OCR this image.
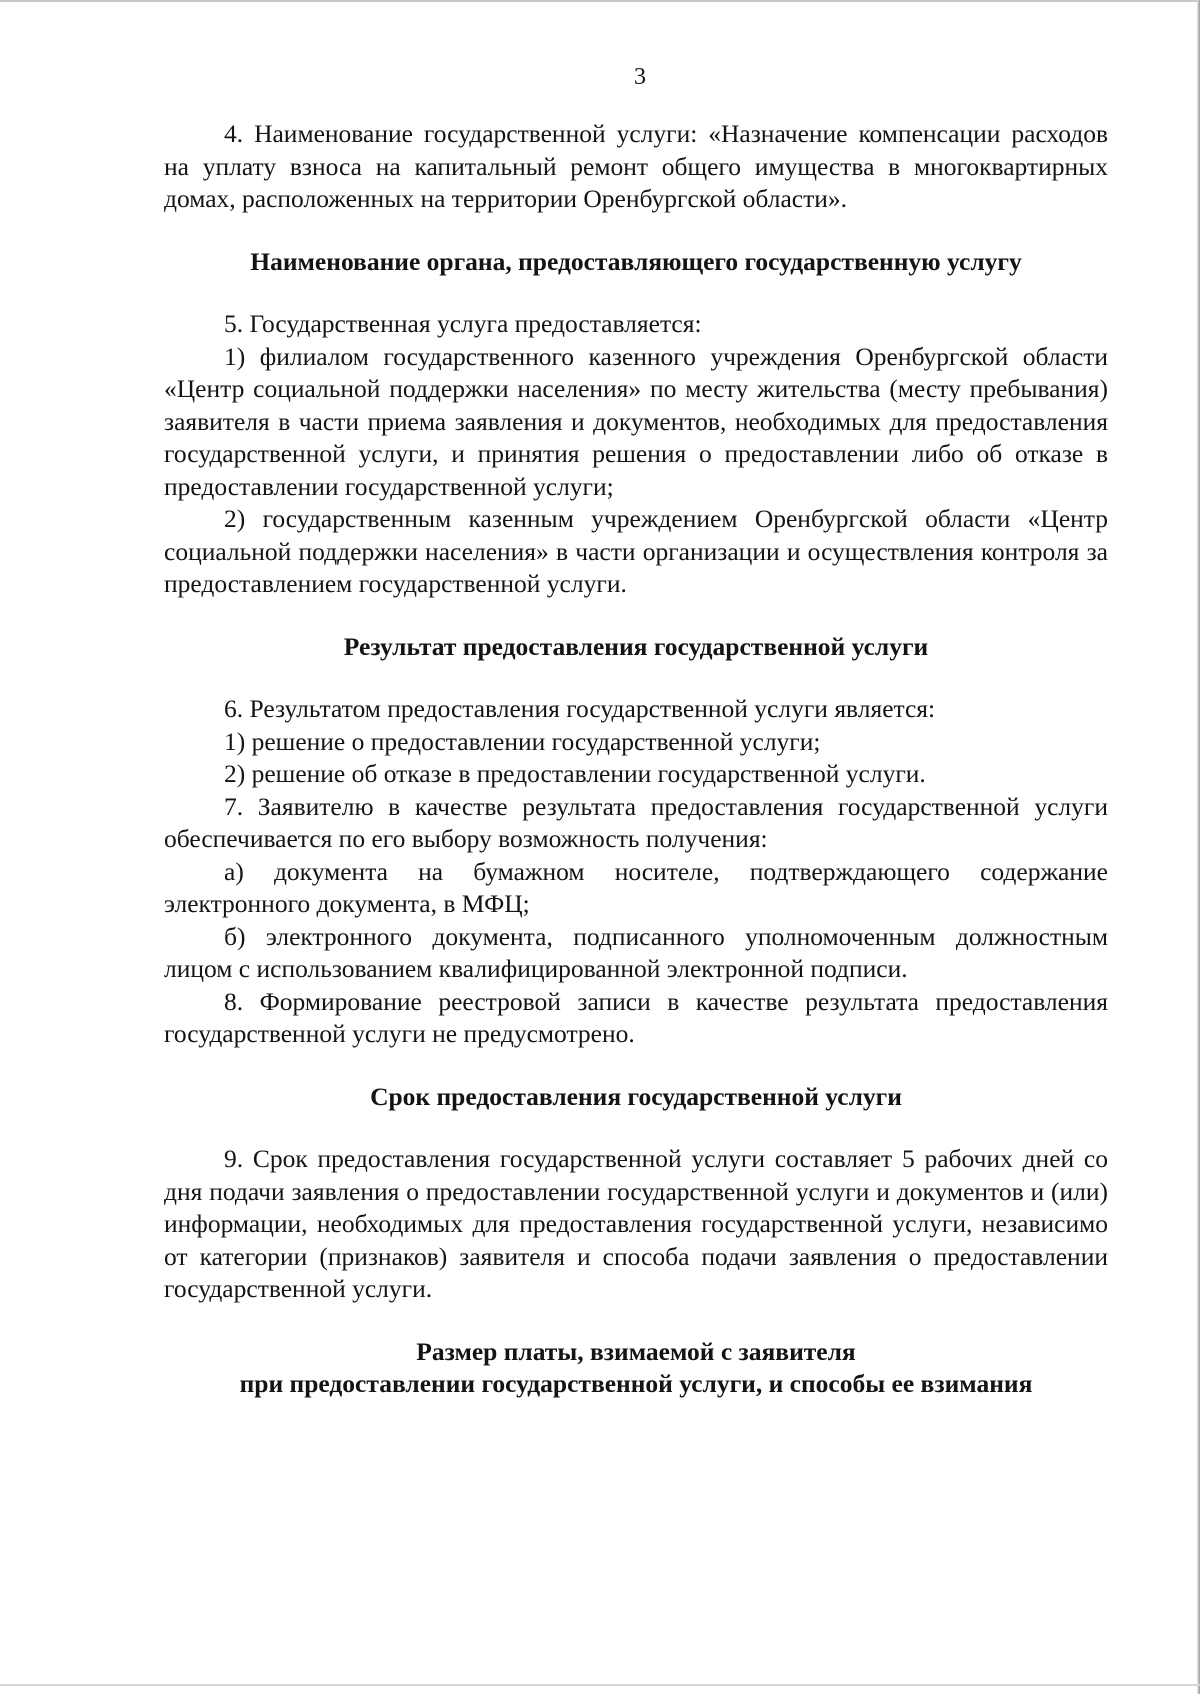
3

4. Наименование государственной услуги: «Назначение компенсации расходов на уплату взноса на капитальный ремонт общего имущества в многоквартирных домах, расположенных на территории Оренбургской области».

Наименование органа, предоставляющего государственную услугу

5. Государственная услуга предоставляется:

1) филиалом государственного казенного учреждения Оренбургской области «Центр социальной поддержки населения» по месту жительства (месту пребывания) заявителя в части приема заявления и документов, необходимых для предоставления государственной услуги, и принятия решения о предоставлении либо об отказе в предоставлении государственной услуги;

2) государственным казенным учреждением Оренбургской области «Центр социальной поддержки населения» в части организации и осуществления контроля за предоставлением государственной услуги.

Результат предоставления государственной услуги

6. Результатом предоставления государственной услуги является:

1) решение о предоставлении государственной услуги;

2) решение об отказе в предоставлении государственной услуги.

7. Заявителю в качестве результата предоставления государственной услуги обеспечивается по его выбору возможность получения:

а) документа на бумажном носителе, подтверждающего содержание электронного документа, в МФЦ;

б) электронного документа, подписанного уполномоченным должностным лицом с использованием квалифицированной электронной подписи.

8. Формирование реестровой записи в качестве результата предоставления государственной услуги не предусмотрено.

Срок предоставления государственной услуги

9. Срок предоставления государственной услуги составляет 5 рабочих дней со дня подачи заявления о предоставлении государственной услуги и документов и (или) информации, необходимых для предоставления государственной услуги, независимо от категории (признаков) заявителя и способа подачи заявления о предоставлении государственной услуги.

Размер платы, взимаемой с заявителя
при предоставлении государственной услуги, и способы ее взимания
